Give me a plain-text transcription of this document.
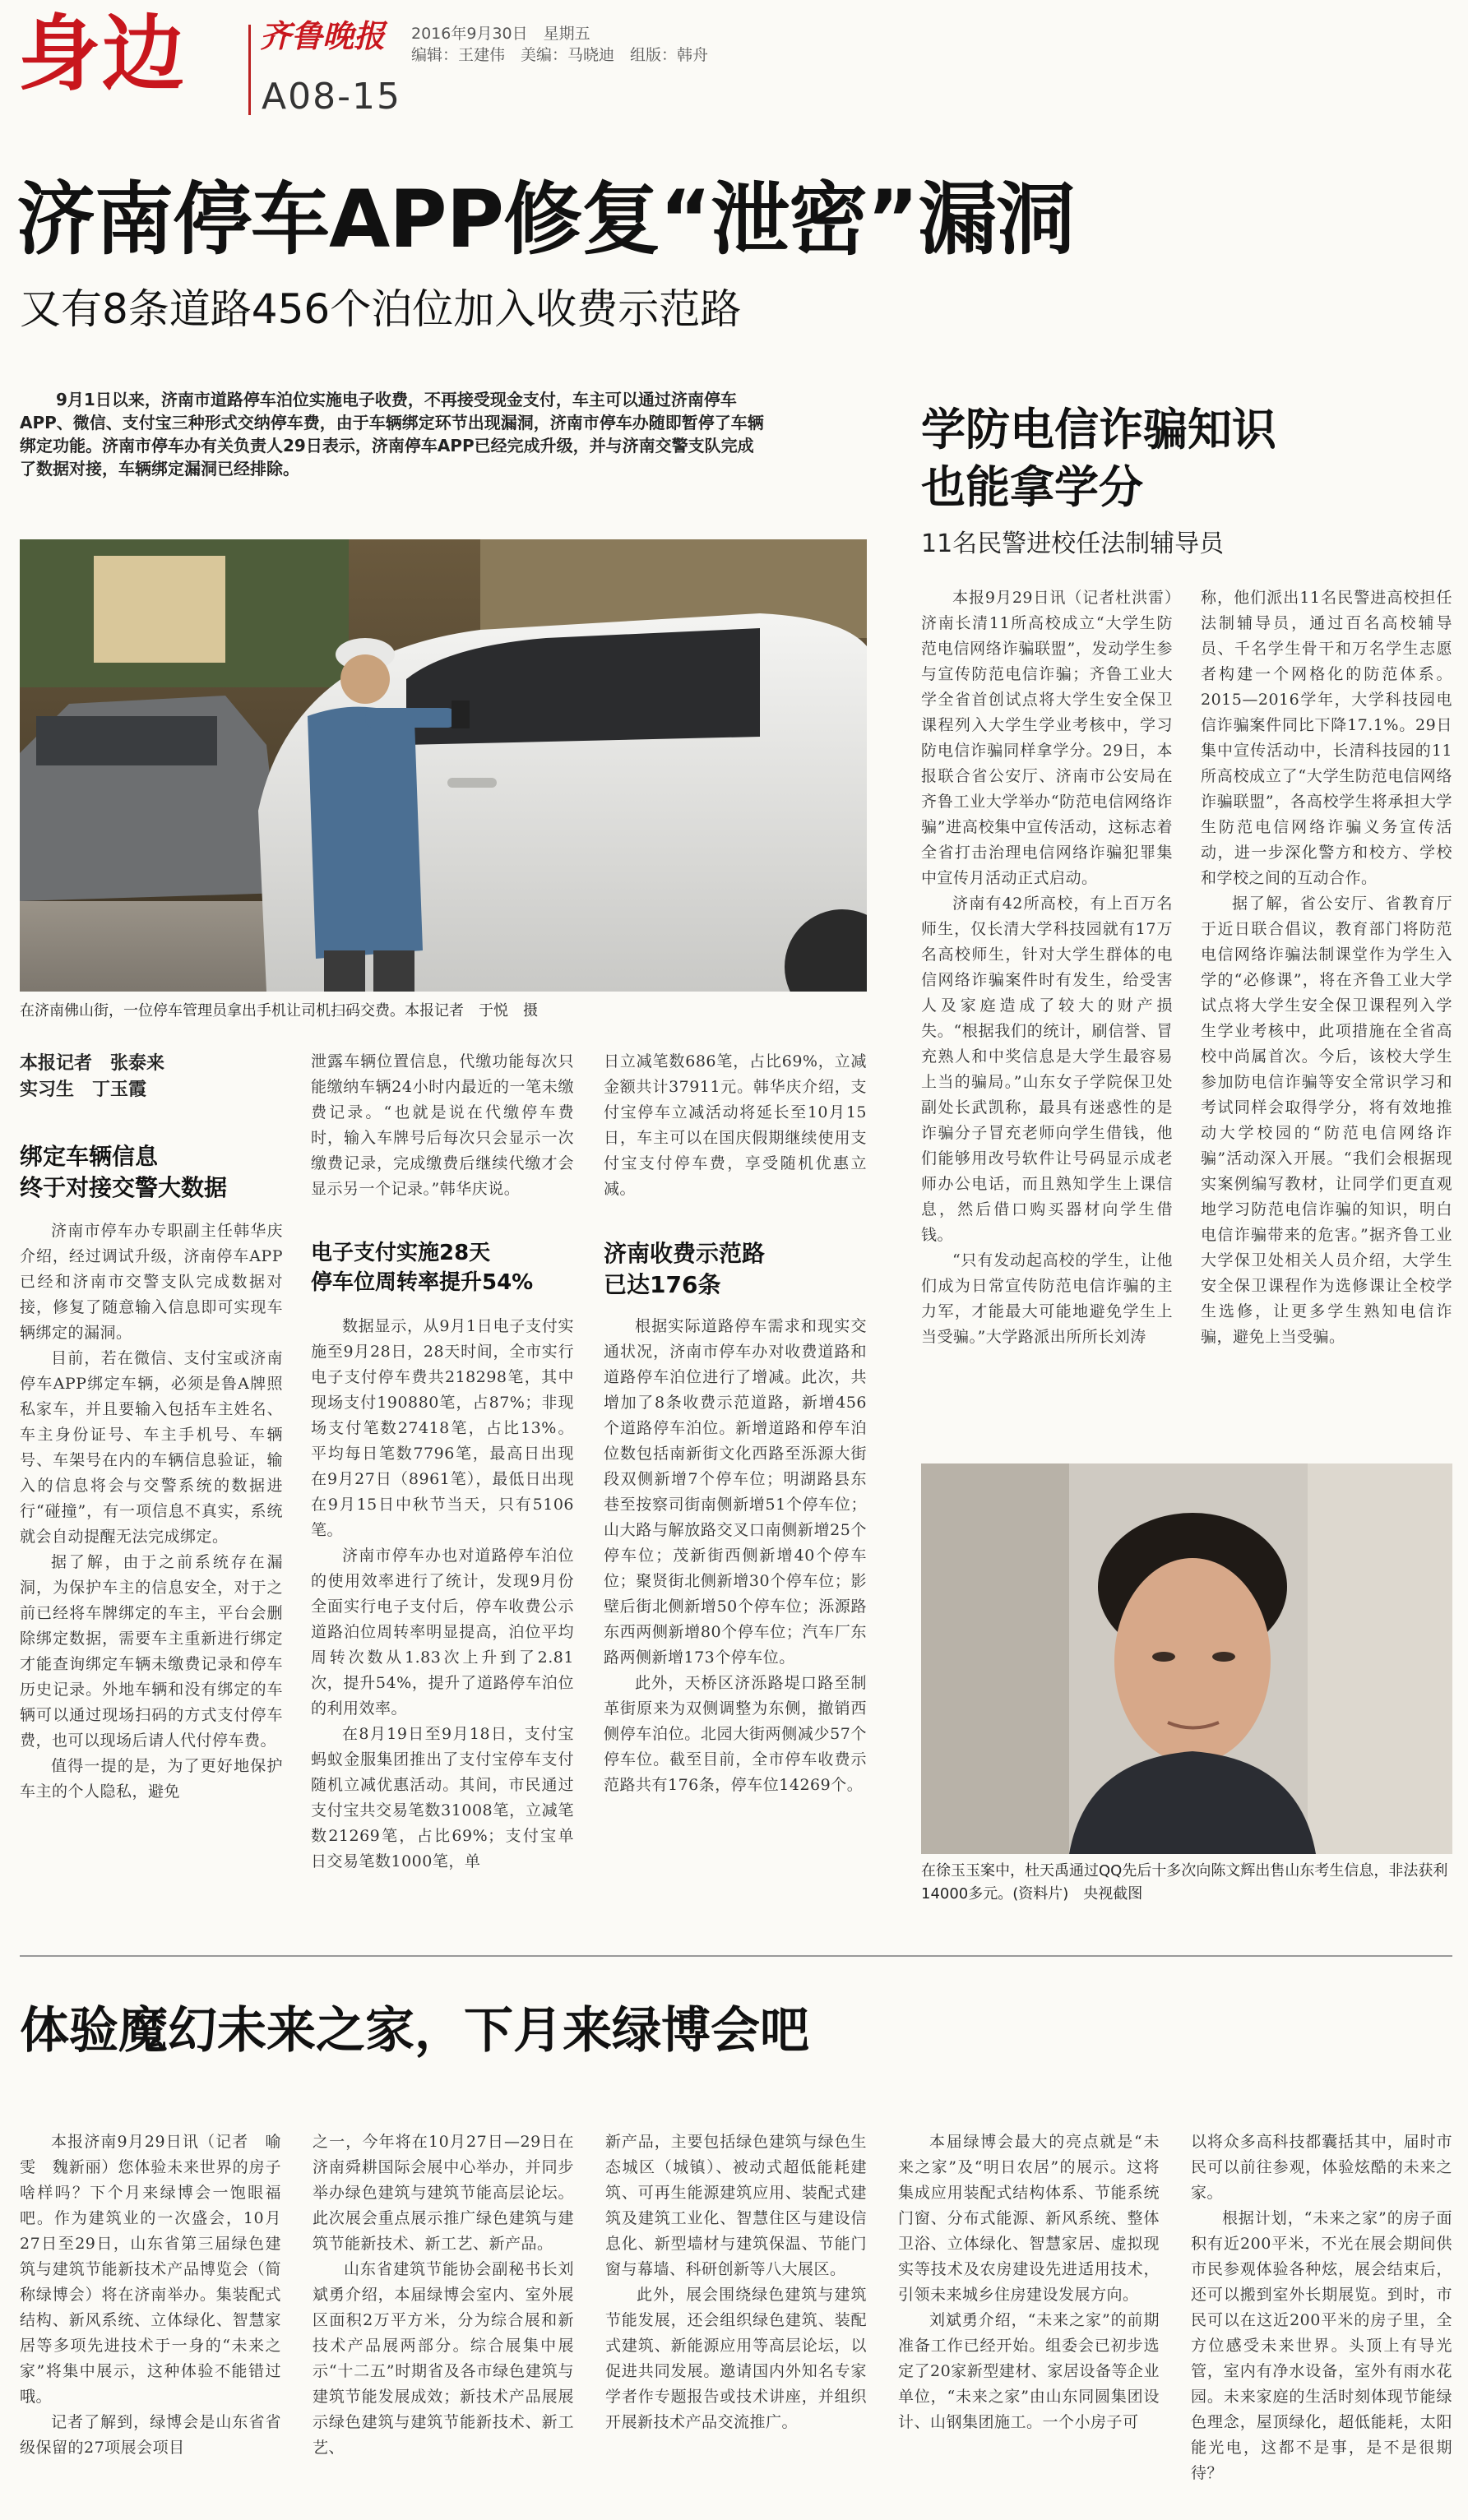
身边 齐鲁晚报 2016年9月30日　星期五
编辑：王建伟　美编：马晓迪　组版：韩舟
A08-15
济南停车APP修复“泄密”漏洞
又有8条道路456个泊位加入收费示范路
9月1日以来，济南市道路停车泊位实施电子收费，不再接受现金支付，车主可以通过济南停车
APP、微信、支付宝三种形式交纳停车费，由于车辆绑定环节出现漏洞，济南市停车办随即暂停了车辆
绑定功能。济南市停车办有关负责人29日表示，济南停车APP已经完成升级，并与济南交警支队完成
了数据对接，车辆绑定漏洞已经排除。
在济南佛山街，一位停车管理员拿出手机让司机扫码交费。本报记者　于悦　摄
本报记者　张泰来
实习生　丁玉霞
绑定车辆信息
终于对接交警大数据

济南市停车办专职副主任韩华庆介绍，经过调试升级，济南停车APP已经和济南市交警支队完成数据对接，修复了随意输入信息即可实现车辆绑定的漏洞。

目前，若在微信、支付宝或济南停车APP绑定车辆，必须是鲁A牌照私家车，并且要输入包括车主姓名、车主身份证号、车主手机号、车辆号、车架号在内的车辆信息验证，输入的信息将会与交警系统的数据进行“碰撞”，有一项信息不真实，系统就会自动提醒无法完成绑定。

据了解，由于之前系统存在漏洞，为保护车主的信息安全，对于之前已经将车牌绑定的车主，平台会删除绑定数据，需要车主重新进行绑定才能查询绑定车辆未缴费记录和停车历史记录。外地车辆和没有绑定的车辆可以通过现场扫码的方式支付停车费，也可以现场后请人代付停车费。

值得一提的是，为了更好地保护车主的个人隐私，避免

泄露车辆位置信息，代缴功能每次只能缴纳车辆24小时内最近的一笔未缴费记录。“也就是说在代缴停车费时，输入车牌号后每次只会显示一次缴费记录，完成缴费后继续代缴才会显示另一个记录。”韩华庆说。

电子支付实施28天
停车位周转率提升54%

数据显示，从9月1日电子支付实施至9月28日，28天时间，全市实行电子支付停车费共218298笔，其中现场支付190880笔，占87%；非现场支付笔数27418笔，占比13%。平均每日笔数7796笔，最高日出现在9月27日（8961笔），最低日出现在9月15日中秋节当天，只有5106笔。

济南市停车办也对道路停车泊位的使用效率进行了统计，发现9月份全面实行电子支付后，停车收费公示道路泊位周转率明显提高，泊位平均周转次数从1.83次上升到了2.81次，提升54%，提升了道路停车泊位的利用效率。

在8月19日至9月18日，支付宝蚂蚁金服集团推出了支付宝停车支付随机立减优惠活动。其间，市民通过支付宝共交易笔数31008笔，立减笔数21269笔，占比69%；支付宝单日交易笔数1000笔，单

日立减笔数686笔，占比69%，立减金额共计37911元。韩华庆介绍，支付宝停车立减活动将延长至10月15日，车主可以在国庆假期继续使用支付宝支付停车费，享受随机优惠立减。

济南收费示范路
已达176条

根据实际道路停车需求和现实交通状况，济南市停车办对收费道路和道路停车泊位进行了增减。此次，共增加了8条收费示范道路，新增456个道路停车泊位。新增道路和停车泊位数包括南新街文化西路至泺源大街段双侧新增7个停车位；明湖路县东巷至按察司街南侧新增51个停车位；山大路与解放路交叉口南侧新增25个停车位；茂新街西侧新增40个停车位；聚贤街北侧新增30个停车位；影壁后街北侧新增50个停车位；泺源路东西两侧新增80个停车位；汽车厂东路两侧新增173个停车位。

此外，天桥区济泺路堤口路至制革街原来为双侧调整为东侧，撤销西侧停车泊位。北园大街两侧减少57个停车位。截至目前，全市停车收费示范路共有176条，停车位14269个。

学防电信诈骗知识
也能拿学分
11名民警进校任法制辅导员

本报9月29日讯（记者杜洪雷）济南长清11所高校成立“大学生防范电信网络诈骗联盟”，发动学生参与宣传防范电信诈骗；齐鲁工业大学全省首创试点将大学生安全保卫课程列入大学生学业考核中，学习防电信诈骗同样拿学分。29日，本报联合省公安厅、济南市公安局在齐鲁工业大学举办“防范电信网络诈骗”进高校集中宣传活动，这标志着全省打击治理电信网络诈骗犯罪集中宣传月活动正式启动。

济南有42所高校，有上百万名师生，仅长清大学科技园就有17万名高校师生，针对大学生群体的电信网络诈骗案件时有发生，给受害人及家庭造成了较大的财产损失。“根据我们的统计，刷信誉、冒充熟人和中奖信息是大学生最容易上当的骗局。”山东女子学院保卫处副处长武凯称，最具有迷惑性的是诈骗分子冒充老师向学生借钱，他们能够用改号软件让号码显示成老师办公电话，而且熟知学生上课信息，然后借口购买器材向学生借钱。

“只有发动起高校的学生，让他们成为日常宣传防范电信诈骗的主力军，才能最大可能地避免学生上当受骗。”大学路派出所所长刘涛

称，他们派出11名民警进高校担任法制辅导员，通过百名高校辅导员、千名学生骨干和万名学生志愿者构建一个网格化的防范体系。2015—2016学年，大学科技园电信诈骗案件同比下降17.1%。29日集中宣传活动中，长清科技园的11所高校成立了“大学生防范电信网络诈骗联盟”，各高校学生将承担大学生防范电信网络诈骗义务宣传活动，进一步深化警方和校方、学校和学校之间的互动合作。

据了解，省公安厅、省教育厅于近日联合倡议，教育部门将防范电信网络诈骗法制课堂作为学生入学的“必修课”，将在齐鲁工业大学试点将大学生安全保卫课程列入学生学业考核中，此项措施在全省高校中尚属首次。今后，该校大学生参加防电信诈骗等安全常识学习和考试同样会取得学分，将有效地推动大学校园的“防范电信网络诈骗”活动深入开展。“我们会根据现实案例编写教材，让同学们更直观地学习防范电信诈骗的知识，明白电信诈骗带来的危害。”据齐鲁工业大学保卫处相关人员介绍，大学生安全保卫课程作为选修课让全校学生选修，让更多学生熟知电信诈骗，避免上当受骗。

在徐玉玉案中，杜天禹通过QQ先后十多次向陈文辉出售山东考生信息，非法获利14000多元。(资料片)　央视截图
体验魔幻未来之家，下月来绿博会吧

本报济南9月29日讯（记者　喻雯　魏新丽）您体验未来世界的房子啥样吗？下个月来绿博会一饱眼福吧。作为建筑业的一次盛会，10月27日至29日，山东省第三届绿色建筑与建筑节能新技术产品博览会（简称绿博会）将在济南举办。集装配式结构、新风系统、立体绿化、智慧家居等多项先进技术于一身的“未来之家”将集中展示，这种体验不能错过哦。

记者了解到，绿博会是山东省省级保留的27项展会项目

之一，今年将在10月27日—29日在济南舜耕国际会展中心举办，并同步举办绿色建筑与建筑节能高层论坛。此次展会重点展示推广绿色建筑与建筑节能新技术、新工艺、新产品。

山东省建筑节能协会副秘书长刘斌勇介绍，本届绿博会室内、室外展区面积2万平方米，分为综合展和新技术产品展两部分。综合展集中展示“十二五”时期省及各市绿色建筑与建筑节能发展成效；新技术产品展展示绿色建筑与建筑节能新技术、新工艺、

新产品，主要包括绿色建筑与绿色生态城区（城镇）、被动式超低能耗建筑、可再生能源建筑应用、装配式建筑及建筑工业化、智慧住区与建设信息化、新型墙材与建筑保温、节能门窗与幕墙、科研创新等八大展区。

此外，展会围绕绿色建筑与建筑节能发展，还会组织绿色建筑、装配式建筑、新能源应用等高层论坛，以促进共同发展。邀请国内外知名专家学者作专题报告或技术讲座，并组织开展新技术产品交流推广。

本届绿博会最大的亮点就是“未来之家”及“明日农居”的展示。这将集成应用装配式结构体系、节能系统门窗、分布式能源、新风系统、整体卫浴、立体绿化、智慧家居、虚拟现实等技术及农房建设先进适用技术，引领未来城乡住房建设发展方向。

刘斌勇介绍，“未来之家”的前期准备工作已经开始。组委会已初步选定了20家新型建材、家居设备等企业单位，“未来之家”由山东同圆集团设计、山钢集团施工。一个小房子可

以将众多高科技都囊括其中，届时市民可以前往参观，体验炫酷的未来之家。

根据计划，“未来之家”的房子面积有近200平米，不光在展会期间供市民参观体验各种炫，展会结束后，还可以搬到室外长期展览。到时，市民可以在这近200平米的房子里，全方位感受未来世界。头顶上有导光管，室内有净水设备，室外有雨水花园。未来家庭的生活时刻体现节能绿色理念，屋顶绿化，超低能耗，太阳能光电，这都不是事，是不是很期待？
